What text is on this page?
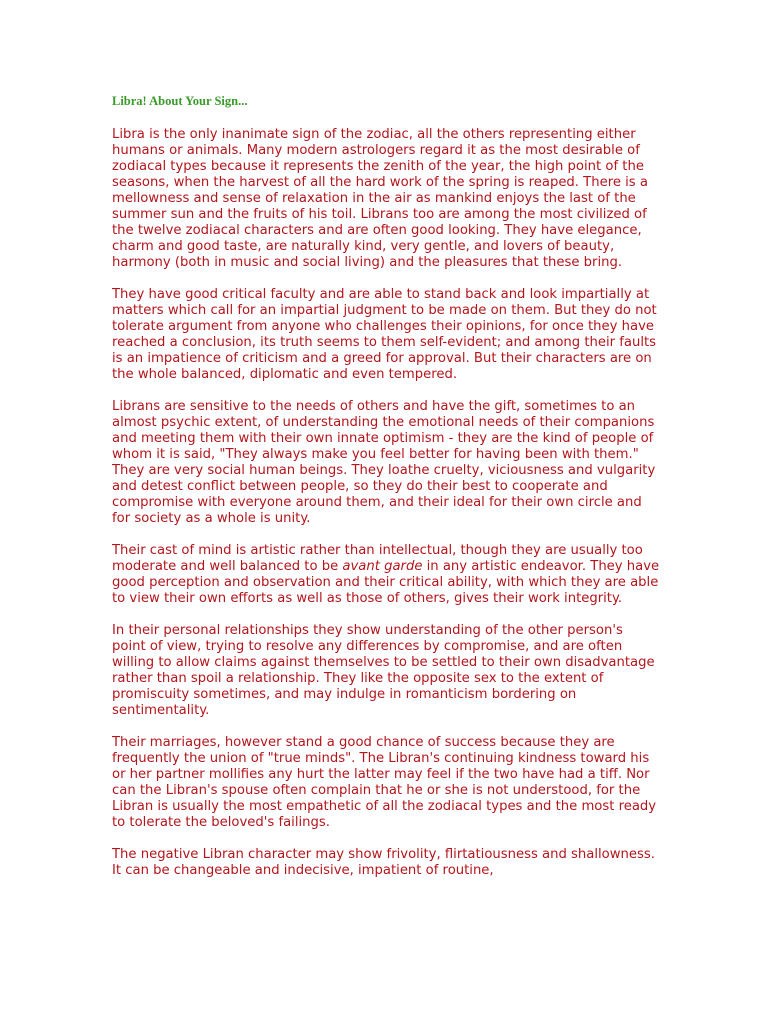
Libra! About Your Sign...

Libra is the only inanimate sign of the zodiac, all the others representing either humans or animals. Many modern astrologers regard it as the most desirable of zodiacal types because it represents the zenith of the year, the high point of the seasons, when the harvest of all the hard work of the spring is reaped. There is a mellowness and sense of relaxation in the air as mankind enjoys the last of the summer sun and the fruits of his toil. Librans too are among the most civilized of the twelve zodiacal characters and are often good looking. They have elegance, charm and good taste, are naturally kind, very gentle, and lovers of beauty, harmony (both in music and social living) and the pleasures that these bring.

They have good critical faculty and are able to stand back and look impartially at matters which call for an impartial judgment to be made on them. But they do not tolerate argument from anyone who challenges their opinions, for once they have reached a conclusion, its truth seems to them self-evident; and among their faults is an impatience of criticism and a greed for approval. But their characters are on the whole balanced, diplomatic and even tempered.

Librans are sensitive to the needs of others and have the gift, sometimes to an almost psychic extent, of understanding the emotional needs of their companions and meeting them with their own innate optimism - they are the kind of people of whom it is said, "They always make you feel better for having been with them." They are very social human beings. They loathe cruelty, viciousness and vulgarity and detest conflict between people, so they do their best to cooperate and compromise with everyone around them, and their ideal for their own circle and for society as a whole is unity.

Their cast of mind is artistic rather than intellectual, though they are usually too moderate and well balanced to be avant garde in any artistic endeavor. They have good perception and observation and their critical ability, with which they are able to view their own efforts as well as those of others, gives their work integrity.

In their personal relationships they show understanding of the other person's point of view, trying to resolve any differences by compromise, and are often willing to allow claims against themselves to be settled to their own disadvantage rather than spoil a relationship. They like the opposite sex to the extent of promiscuity sometimes, and may indulge in romanticism bordering on sentimentality.

Their marriages, however stand a good chance of success because they are frequently the union of "true minds". The Libran's continuing kindness toward his or her partner mollifies any hurt the latter may feel if the two have had a tiff. Nor can the Libran's spouse often complain that he or she is not understood, for the Libran is usually the most empathetic of all the zodiacal types and the most ready to tolerate the beloved's failings.

The negative Libran character may show frivolity, flirtatiousness and shallowness. It can be changeable and indecisive, impatient of routine,
